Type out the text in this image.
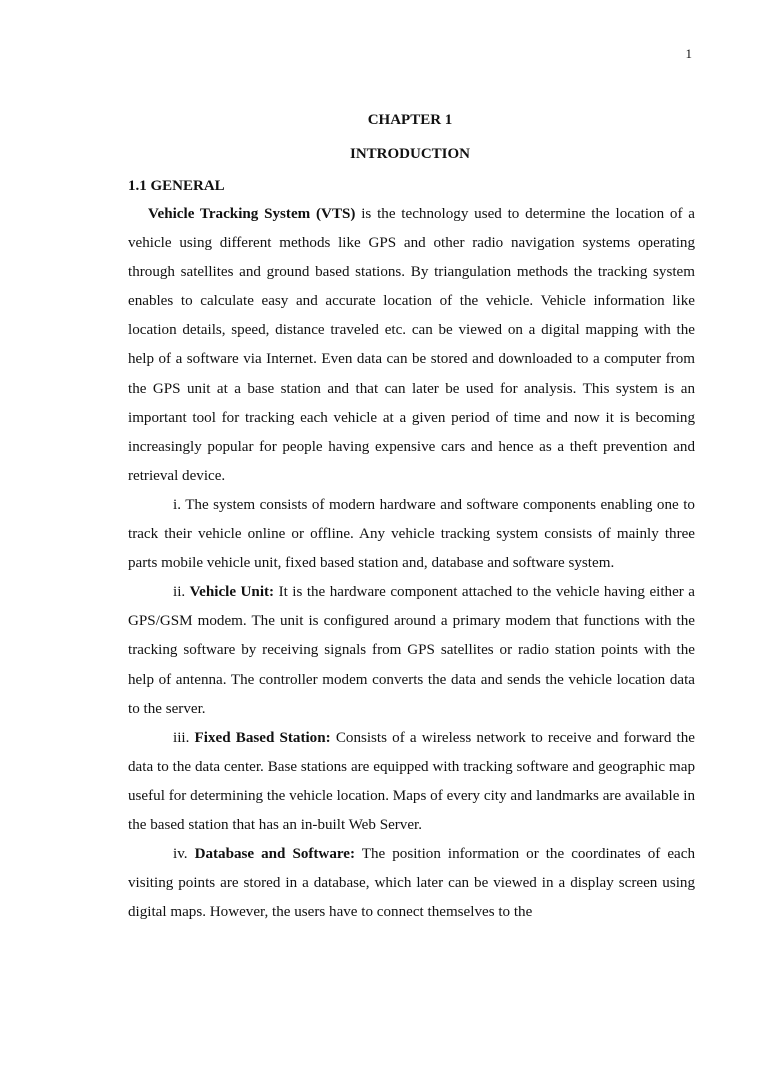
1
CHAPTER 1
INTRODUCTION
1.1 GENERAL

Vehicle Tracking System (VTS) is the technology used to determine the location of a vehicle using different methods like GPS and other radio navigation systems operating through satellites and ground based stations. By triangulation methods the tracking system enables to calculate easy and accurate location of the vehicle. Vehicle information like location details, speed, distance traveled etc. can be viewed on a digital mapping with the help of a software via Internet. Even data can be stored and downloaded to a computer from the GPS unit at a base station and that can later be used for analysis. This system is an important tool for tracking each vehicle at a given period of time and now it is becoming increasingly popular for people having expensive cars and hence as a theft prevention and retrieval device.

i. The system consists of modern hardware and software components enabling one to track their vehicle online or offline. Any vehicle tracking system consists of mainly three parts mobile vehicle unit, fixed based station and, database and software system.

ii. Vehicle Unit: It is the hardware component attached to the vehicle having either a GPS/GSM modem. The unit is configured around a primary modem that functions with the tracking software by receiving signals from GPS satellites or radio station points with the help of antenna. The controller modem converts the data and sends the vehicle location data to the server.

iii. Fixed Based Station: Consists of a wireless network to receive and forward the data to the data center. Base stations are equipped with tracking software and geographic map useful for determining the vehicle location. Maps of every city and landmarks are available in the based station that has an in-built Web Server.

iv. Database and Software: The position information or the coordinates of each visiting points are stored in a database, which later can be viewed in a display screen using digital maps. However, the users have to connect themselves to the
